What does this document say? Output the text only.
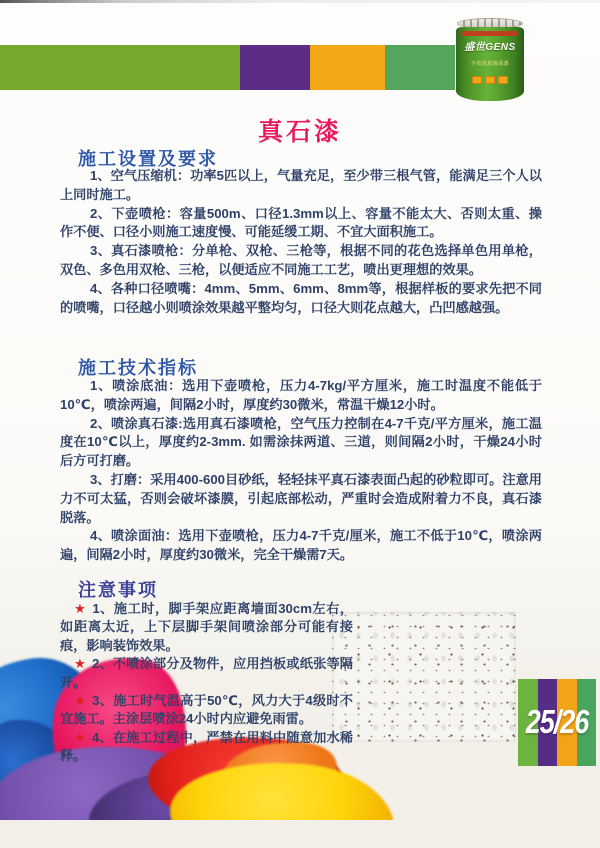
盛世GENS
全效优质墙面漆
真石漆
施工设置及要求

1、空气压缩机：功率5匹以上，气量充足，至少带三根气管，能满足三个人以上同时施工。

2、下壶喷枪：容量500m、口径1.3mm以上、容量不能太大、否则太重、操作不便、口径小则施工速度慢、可能延缓工期、不宜大面积施工。

3、真石漆喷枪：分单枪、双枪、三枪等，根据不同的花色选择单色用单枪，双色、多色用双枪、三枪，以便适应不同施工工艺，喷出更理想的效果。

4、各种口径喷嘴：4mm、5mm、6mm、8mm等，根据样板的要求先把不同的喷嘴，口径越小则喷涂效果越平整均匀，口径大则花点越大，凸凹感越强。

施工技术指标

1、喷涂底油：选用下壶喷枪，压力4-7kg/平方厘米，施工时温度不能低于10℃，喷涂两遍，间隔2小时，厚度约30微米，常温干燥12小时。

2、喷涂真石漆:选用真石漆喷枪，空气压力控制在4-7千克/平方厘米，施工温度在10℃以上，厚度约2-3mm. 如需涂抹两道、三道，则间隔2小时，干燥24小时后方可打磨。

3、打磨：采用400-600目砂纸，轻轻抹平真石漆表面凸起的砂粒即可。注意用力不可太猛，否则会破坏漆膜，引起底部松动，严重时会造成附着力不良，真石漆脱落。

4、喷涂面油：选用下壶喷枪，压力4-7千克/厘米，施工不低于10℃，喷涂两遍，间隔2小时，厚度约30微米，完全干燥需7天。

注意事项

★ 1、施工时，脚手架应距离墙面30cm左右，如距离太近，上下层脚手架间喷涂部分可能有接痕，影响装饰效果。

★ 2、不喷涂部分及物件，应用挡板或纸张等隔开。

★ 3、施工时气温高于50℃，风力大于4级时不宜施工。主涂层喷涂24小时内应避免雨雷。

★ 4、在施工过程中，严禁在用料中随意加水稀释。

25/26
